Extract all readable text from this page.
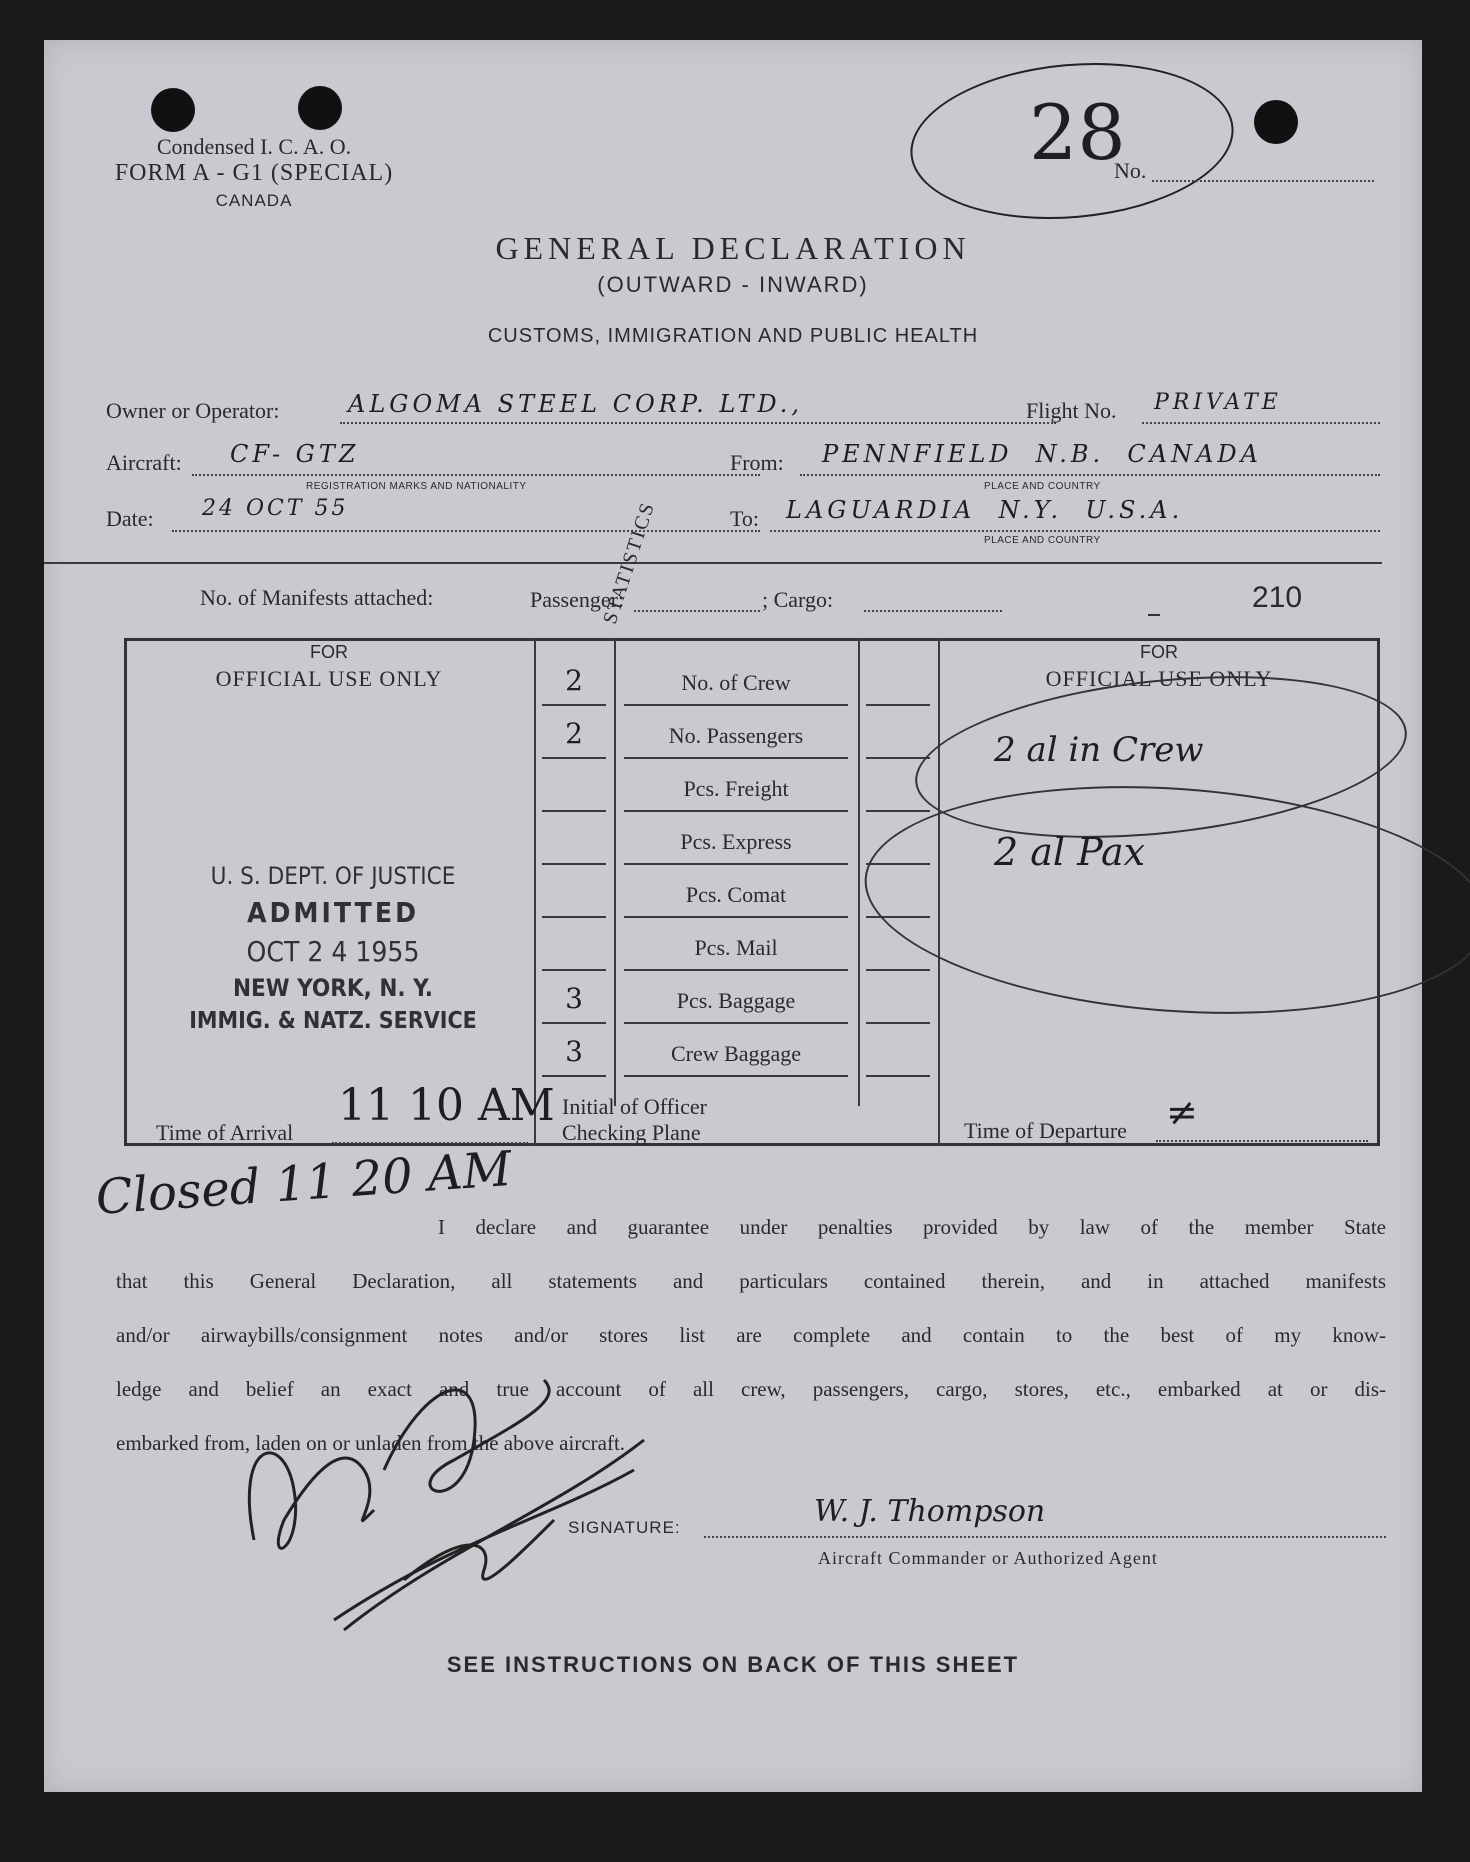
Condensed I. C. A. O.
FORM A - G1 (SPECIAL)
CANADA
28
No.
GENERAL DECLARATION
(OUTWARD - INWARD)
CUSTOMS, IMMIGRATION AND PUBLIC HEALTH
Owner or Operator:	ALGOMA STEEL CORP. LTD.,	Flight No. PRIVATE
Aircraft: CF- GTZ
REGISTRATION MARKS AND NATIONALITY
From: PENNFIELD  N.B.  CANADA
PLACE AND COUNTRY
Date: 24 OCT 55	To: LAGUARDIA  N.Y.  U.S.A.
PLACE AND COUNTRY
No. of Manifests attached:	Passenger:	; Cargo:	210
STATISTICS
FOR
OFFICIAL USE ONLY
U. S. DEPT. OF JUSTICE
ADMITTED
OCT 2 4 1955
NEW YORK, N. Y.
IMMIG. & NATZ. SERVICE
Time of Arrival
11 10 AM
2	No. of Crew
2	No. Passengers
Pcs. Freight
Pcs. Express
Pcs. Comat
Pcs. Mail
3	Pcs. Baggage
3	Crew Baggage
Initial of Officer
Checking Plane
FOR
OFFICIAL USE ONLY
2 al in Crew
2 al Pax
Time of Departure ≠
Closed 11 20 AM
I declare and guarantee under penalties provided by law of the member State
that this General Declaration, all statements and particulars contained therein, and in attached manifests
and/or airwaybills/consignment notes and/or stores list are complete and contain to the best of my know-
ledge and belief an exact and true account of all crew, passengers, cargo, stores, etc., embarked at or dis-
embarked from, laden on or unladen from the above aircraft.
SIGNATURE:	W. J. Thompson
Aircraft Commander or Authorized Agent
SEE INSTRUCTIONS ON BACK OF THIS SHEET
